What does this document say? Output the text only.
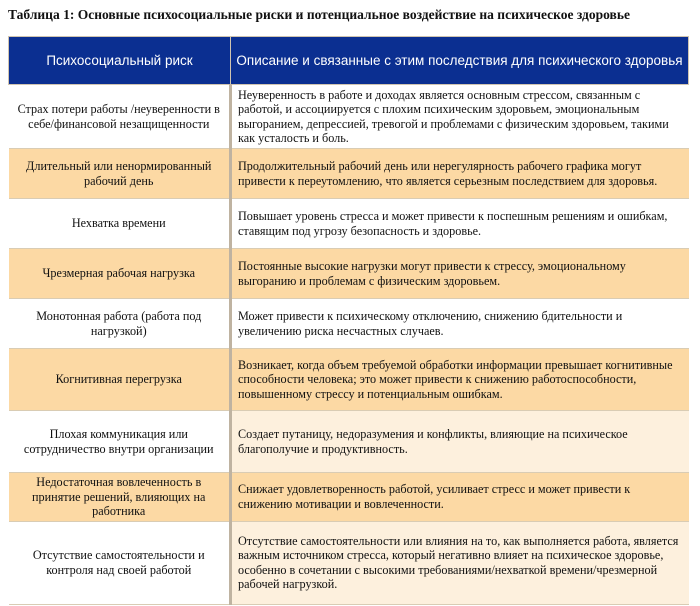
Таблица 1: Основные психосоциальные риски и потенциальное воздействие на психическое здоровье
Психосоциальный риск	Описание и связанные с этим последствия для психического здоровья
Страх потери работы /неуверенности в себе/финансовой незащищенности	Неуверенность в работе и доходах является основным стрессом, связанным с работой, и ассоциируется с плохим психическим здоровьем, эмоциональным выгоранием, депрессией, тревогой и проблемами с физическим здоровьем, такими как усталость и боль.
Длительный или ненормированный рабочий день	Продолжительный рабочий день или нерегулярность рабочего графика могут привести к переутомлению, что является серьезным последствием для здоровья.
Нехватка времени	Повышает уровень стресса и может привести к поспешным решениям и ошибкам, ставящим под угрозу безопасность и здоровье.
Чрезмерная рабочая нагрузка	Постоянные высокие нагрузки могут привести к стрессу, эмоциональному выгоранию и проблемам с физическим здоровьем.
Монотонная работа (работа под нагрузкой)	Может привести к психическому отключению, снижению бдительности и увеличению риска несчастных случаев.
Когнитивная перегрузка	Возникает, когда объем требуемой обработки информации превышает когнитивные способности человека; это может привести к снижению работоспособности, повышенному стрессу и потенциальным ошибкам.
Плохая коммуникация или сотрудничество внутри организации	Создает путаницу, недоразумения и конфликты, влияющие на психическое благополучие и продуктивность.
Недостаточная вовлеченность в принятие решений, влияющих на работника	Снижает удовлетворенность работой, усиливает стресс и может привести к снижению мотивации и вовлеченности.
Отсутствие самостоятельности и контроля над своей работой	Отсутствие самостоятельности или влияния на то, как выполняется работа, является важным источником стресса, который негативно влияет на психическое здоровье, особенно в сочетании с высокими требованиями/нехваткой времени/чрезмерной рабочей нагрузкой.
